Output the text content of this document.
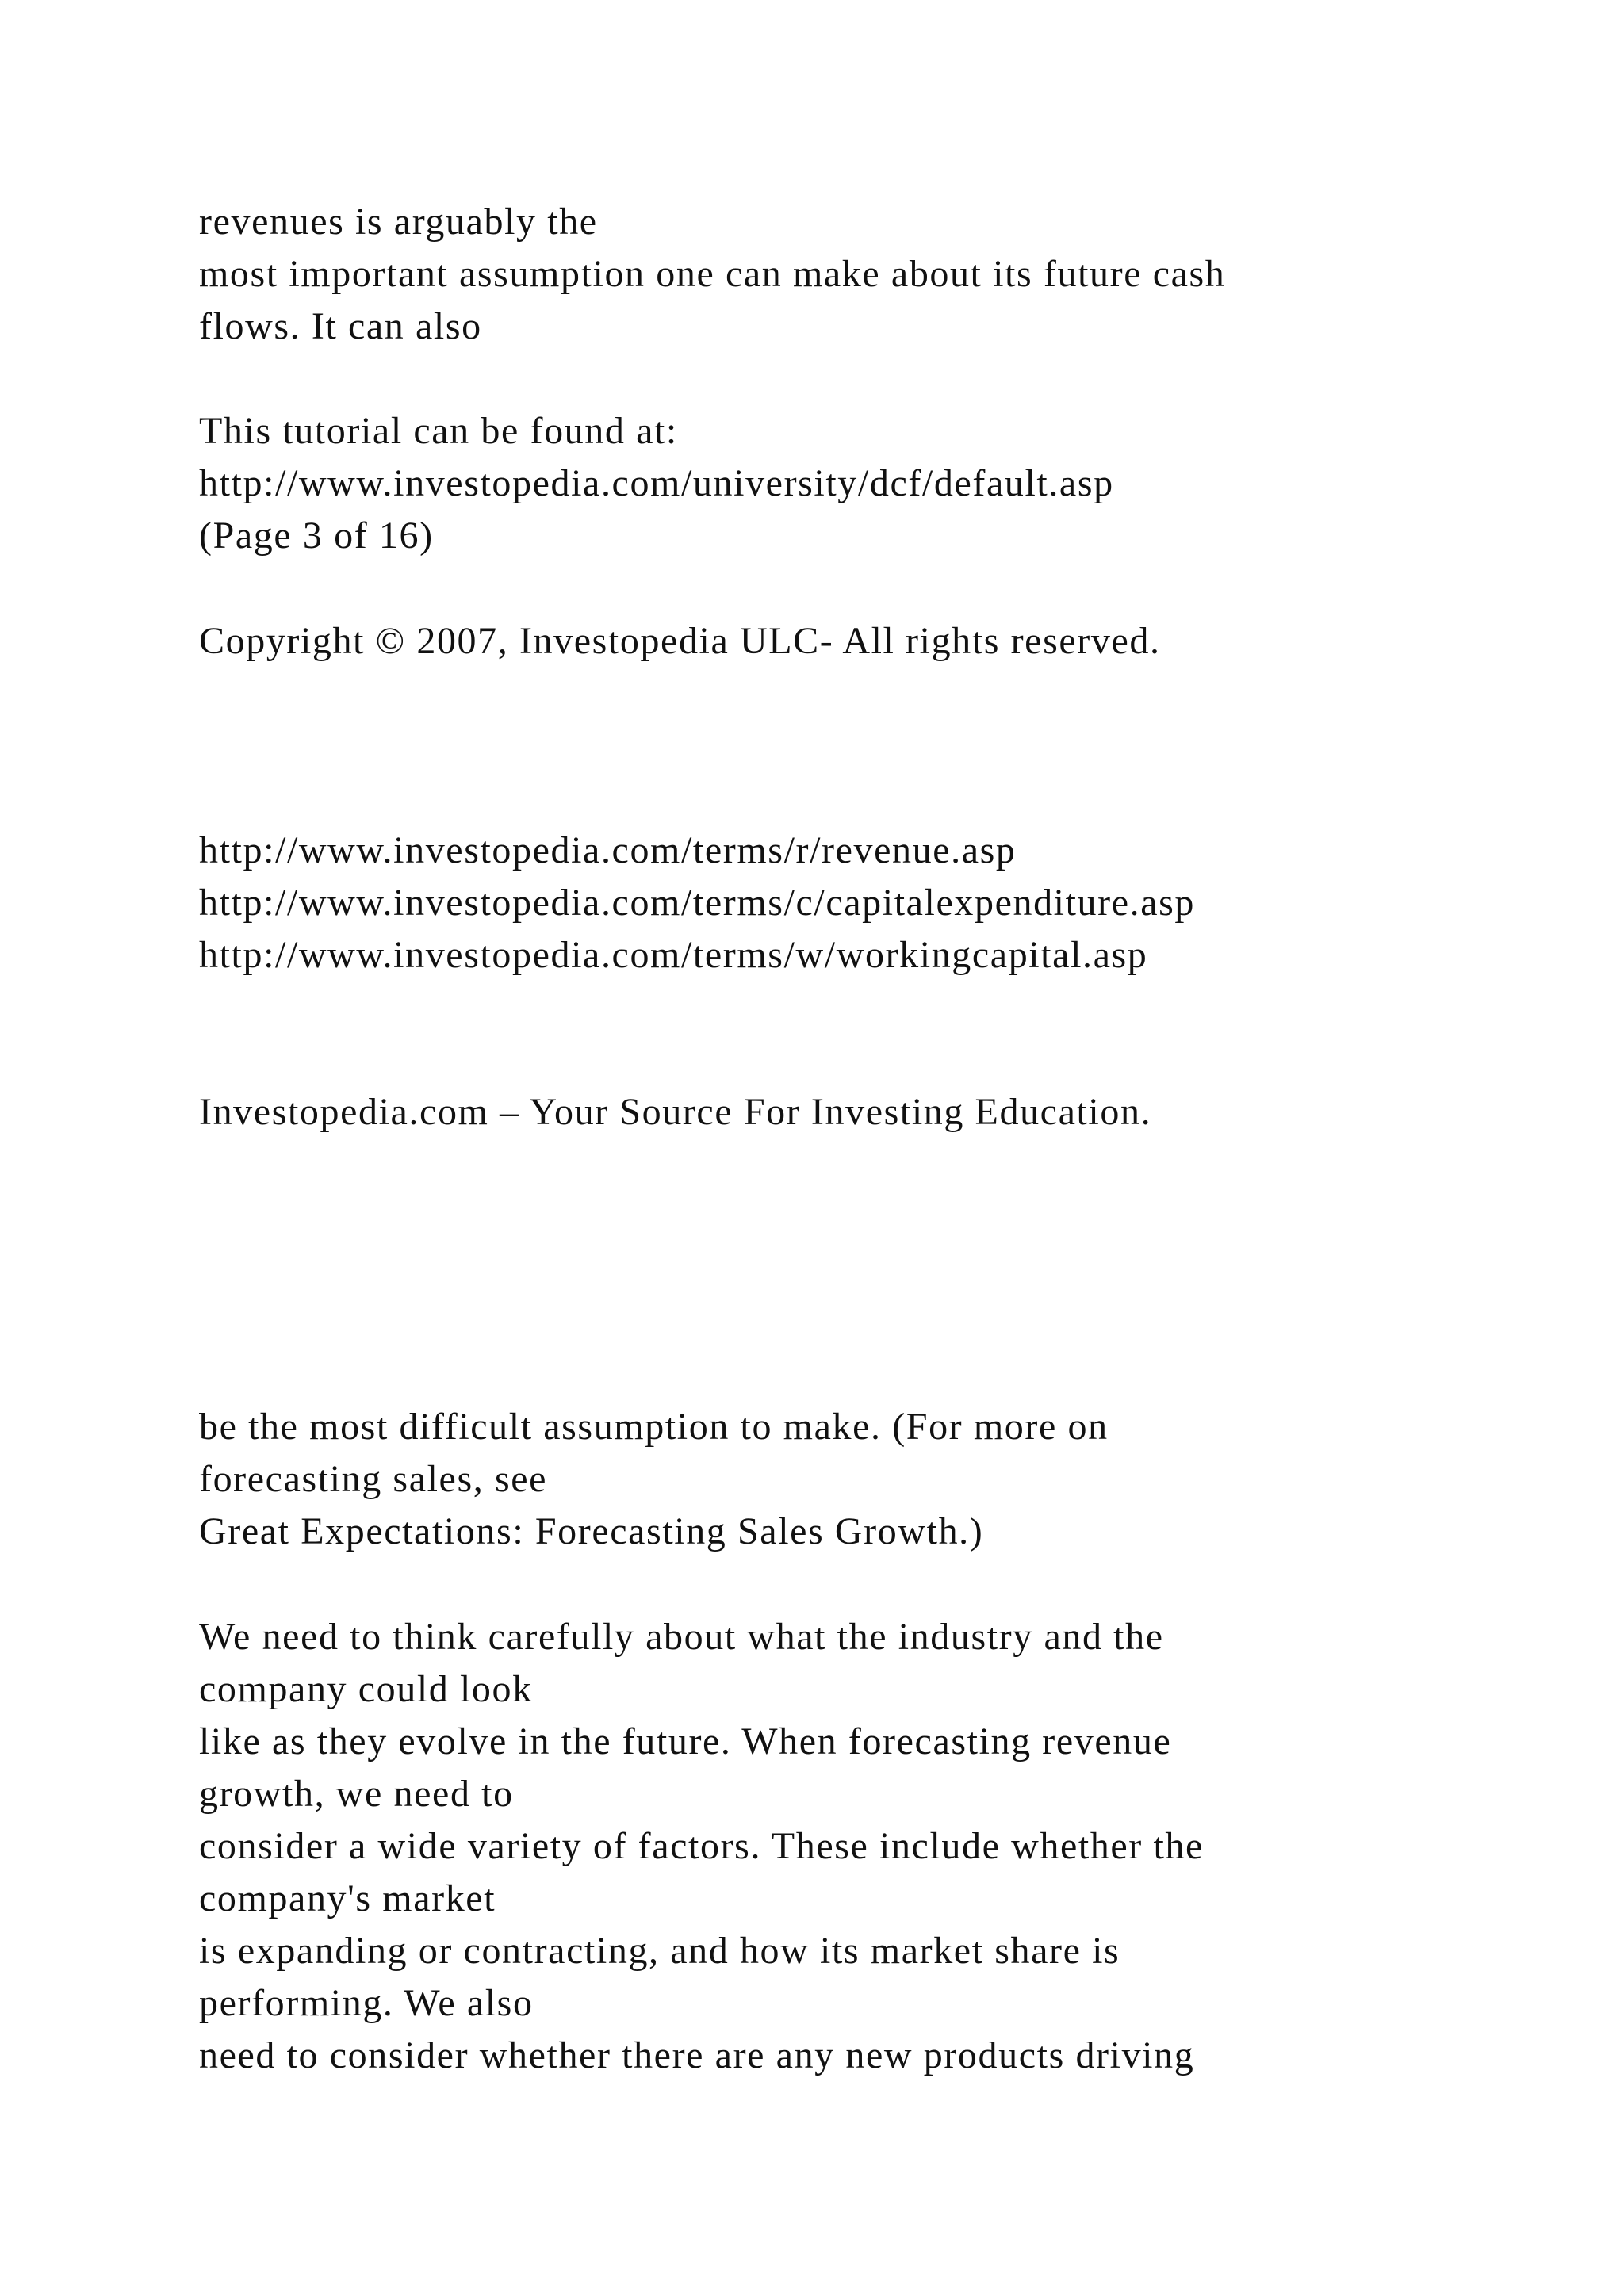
revenues is arguably the
most important assumption one can make about its future cash
flows. It can also
This tutorial can be found at:
http://www.investopedia.com/university/dcf/default.asp
(Page 3 of 16)
Copyright © 2007, Investopedia ULC- All rights reserved.
http://www.investopedia.com/terms/r/revenue.asp
http://www.investopedia.com/terms/c/capitalexpenditure.asp
http://www.investopedia.com/terms/w/workingcapital.asp
Investopedia.com – Your Source For Investing Education.
be the most difficult assumption to make. (For more on
forecasting sales, see
Great Expectations: Forecasting Sales Growth.)
We need to think carefully about what the industry and the
company could look
like as they evolve in the future. When forecasting revenue
growth, we need to
consider a wide variety of factors. These include whether the
company's market
is expanding or contracting, and how its market share is
performing. We also
need to consider whether there are any new products driving
